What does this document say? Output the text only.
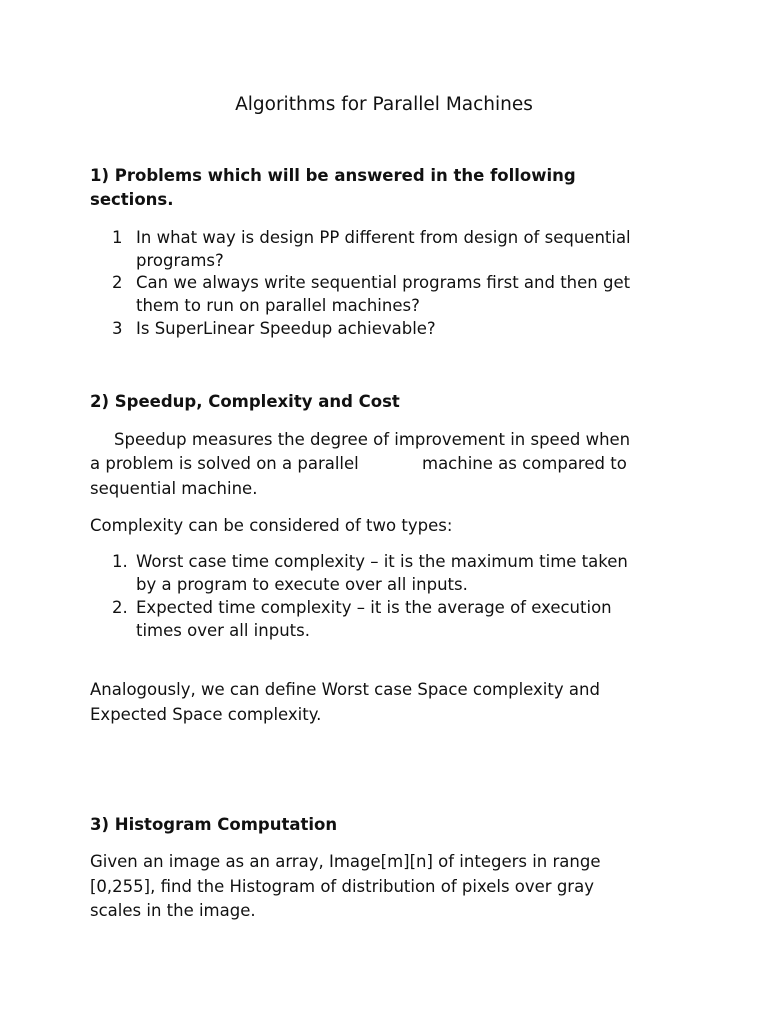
Algorithms for Parallel Machines
1) Problems which will be answered in the following
sections.
1 In what way is design PP different from design of sequential
programs?
2 Can we always write sequential programs first and then get
them to run on parallel machines?
3 Is SuperLinear Speedup achievable?
2) Speedup, Complexity and Cost
Speedup measures the degree of improvement in speed when
a problem is solved on a parallel	machine as compared to
sequential machine.
Complexity can be considered of two types:
1. Worst case time complexity – it is the maximum time taken
by a program to execute over all inputs.
2. Expected time complexity – it is the average of execution
times over all inputs.
Analogously, we can define Worst case Space complexity and
Expected Space complexity.
3) Histogram Computation
Given an image as an array, Image[m][n] of integers in range
[0,255], find the Histogram of distribution of pixels over gray
scales in the image.
